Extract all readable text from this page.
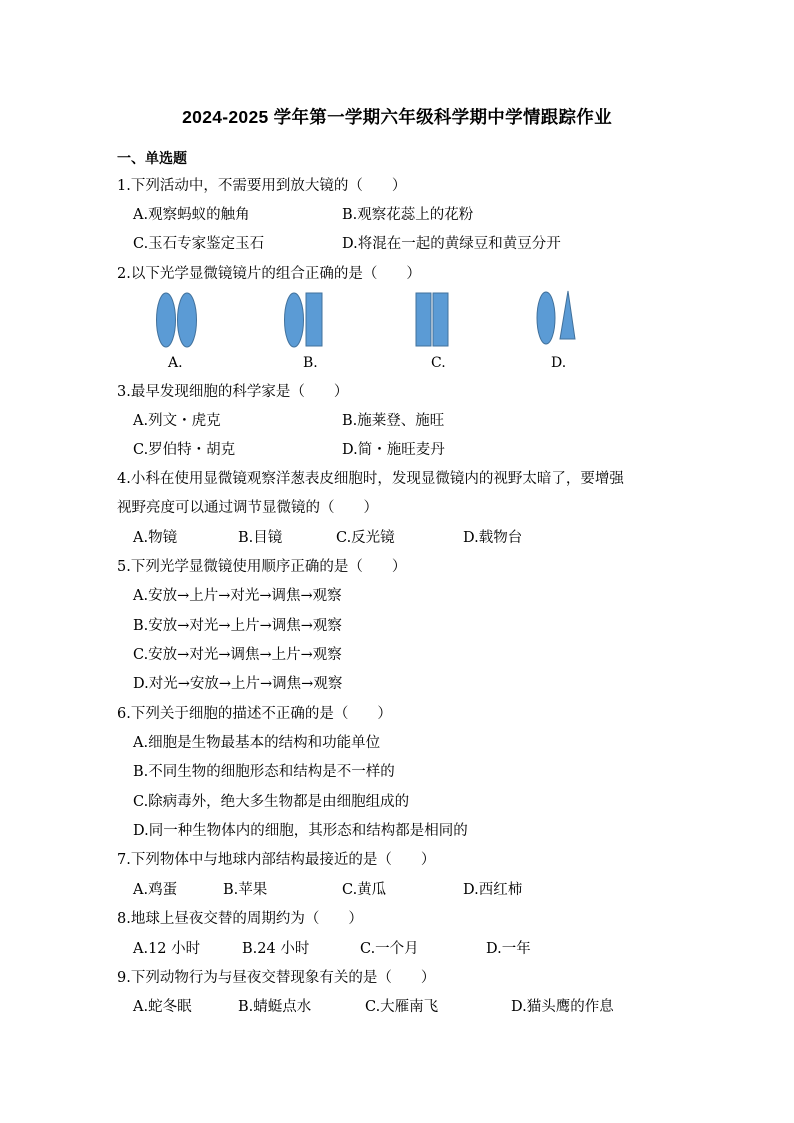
2024-2025 学年第一学期六年级科学期中学情跟踪作业
一、单选题
1.下列活动中，不需要用到放大镜的（　　）
A.观察蚂蚁的触角	B.观察花蕊上的花粉
C.玉石专家鉴定玉石	D.将混在一起的黄绿豆和黄豆分开
2.以下光学显微镜镜片的组合正确的是（　　）
A.	B.	C.	D.
3.最早发现细胞的科学家是（　　）
A.列文・虎克	B.施莱登、施旺
C.罗伯特・胡克	D.简・施旺麦丹
4.小科在使用显微镜观察洋葱表皮细胞时，发现显微镜内的视野太暗了，要增强
视野亮度可以通过调节显微镜的（　　）
A.物镜	B.目镜	C.反光镜	D.载物台
5.下列光学显微镜使用顺序正确的是（　　）
A.安放→上片→对光→调焦→观察
B.安放→对光→上片→调焦→观察
C.安放→对光→调焦→上片→观察
D.对光→安放→上片→调焦→观察
6.下列关于细胞的描述不正确的是（　　）
A.细胞是生物最基本的结构和功能单位
B.不同生物的细胞形态和结构是不一样的
C.除病毒外，绝大多生物都是由细胞组成的
D.同一种生物体内的细胞，其形态和结构都是相同的
7.下列物体中与地球内部结构最接近的是（　　）
A.鸡蛋	B.苹果	C.黄瓜	D.西红柿
8.地球上昼夜交替的周期约为（　　）
A.12 小时	B.24 小时	C.一个月	D.一年
9.下列动物行为与昼夜交替现象有关的是（　　）
A.蛇冬眠	B.蜻蜓点水	C.大雁南飞	D.猫头鹰的作息
